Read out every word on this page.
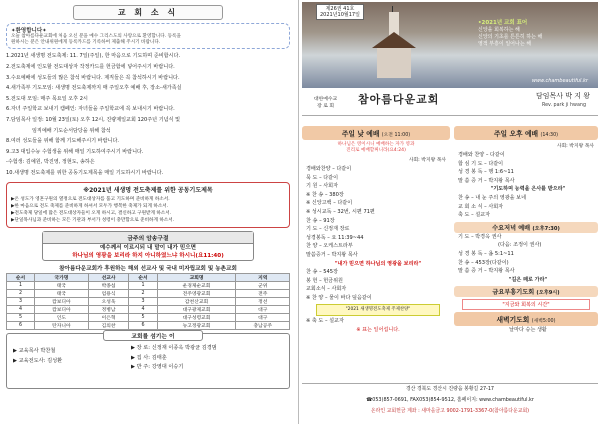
교 회 소 식
✦환영합니다✦

오늘 참아름다운교회에 처음 오신 분을 예수 그리스도의 사랑으로 환영합니다. 등록을

원하시는 분은 안내위원에게 등록카드를 기록하여 제출해 주시기 바랍니다.

1.2021년 새생명 전도축제: 11. 7일(주일), 한 마음으로 기도하며 준비합시다.
2.전도축제에 인도할 전도대상자 작정카드를 헌금함에 넣어주시기 바랍니다.
3.수요예배에 성도들의 많은 참석 바랍니다. 제직들은 꼭 참석하시기 바랍니다.
4.새가족부 기도모임: 새생명 전도축제까지 매 주일오후 예배 후, 장소-새가족실
5.전도대 모임: 매주 목요일 오후 2시
6.자녀 주일학교 보내기 캠페인: 자녀들을 주일학교에 꼭 보내시기 바랍니다.
7.담임목사 일정: 10월 23일(토) 오후 12시, 진량제일교회 120주년 기념식 및
임직예배 기도순서담당을 위해 참석
8.여러 성도들을 위해 함께 기도해주시기 바랍니다.
9.고3 대입수능 수험생을 위해 매일 기도하여주시기 바랍니다.
-수험생: 김예원, 박진영, 정현도, 송하은
10.새생명 전도축제를 위한 공동기도제목을 매일 기도하시기 바랍니다.
※2021년 새생명 전도축제를 위한 공동기도제목
▶온 성도가 영혼구원의 열정으로 전도대상자를 품고 기도하며 준비하게 하소서.
▶한 마음으로 전도 축제를 준비하게 하셔서 모두가 행복한 축제가 되게 하소서.
▶전도축제 당일에 많은 전도대상자들이 오게 하시고, 결신하고 구원받게 하소서.
▶단일목사님과 준비하는 모든 기관과 부서가 성령이 충만함으로 준비하게 하소서.
금주의 암송구절
예수께서 이르시되 내 말이 내가 믿으면
하나님의 영광을 보리라 하지 아니하였느냐 하시니(요11:40)
참아름다운교회가 후원하는 해외 선교사 및 국내 미자립교회 및 농촌교회
순서	국가명	선교사	순서	교회명	지역
1	태국	박종섭	1	운경제순교회	군위
2	태국	엄용식	2	전주영광교회	전주
3	캄보디아	오성욱	3	감천산교회	정선
4	캄보디아	정병남	4	대구광제교회	대구
5	인도	이은혁	5	대구성령교회	대구
6	탄자니아	김의찬	6	뉴고정광교회	충남공주
교회를 섬기는 이
▶ 교육목사 박찬철
▶ 교육전도사: 김성환
▶ 장 로: 신정재 이종옥 박광균 김경범
▶ 집 사: 김태훈
▶ 반 주: 강영대 이승기
제26권 41호
2021년10월17일
•2021년 교회 표어
신앙을 회복하는 해
신앙의 기초를 튼튼히 하는 해
영적 부흥이 일어나는 해
www.chambeautiful.kr
대한예수교
장 로 회
참아름다운교회	담임목사 박 지 왕
Rev. park ji hwang
주일 낮 예배 (오전 11:00)
하나님은 영이시니 예배하는 자가 영과
진리로 예배할찌니라(요4:24)
사회: 박지왕 목사
경배와찬양 – 다같이
묵 도 – 다같이
기 원 – 사회자
※ 찬 송 – 380장
※ 신앙고백 – 다같이
※ 성시교독 – 32번, 시편 71편
찬 송 – 91장
기 도 – 신정재 장로
성경봉독 – 요 11:39~44
찬 양 – 오케스트라부
말씀증거 – 박지왕 목사
"내가 믿으면 하나님의 영광을 보리라"
찬 송 – 545장
봉 헌 – 헌금위원
교회소식 – 사회자
※ 찬 양 – 물이 바다 덮음같이
"2021 새생명전도축제 주제찬양"
※ 축 도 – 설교자
※ 표는 일어섭니다.
주일 오후 예배 (14:30)
사회: 박지왕 목사
경배와 찬양 – 다같이
합 심 기 도 – 다같이
성 경 봉 독 – 행 1:6~11
말 씀 증 거 – 박지왕 목사
"기도하며 능력을 은사를 받으라"
찬 송 – 내 눈 주의 영광을 보네
교 회 소 식 – 사회자
축 도 – 설교자
수요저녁 예배 (오후7:30)
기 도 – 박경옥 권사
(다음: 조정이 권사)
성 경 봉 독 – 욥 5:1~11
찬 송 – 453장(다같이)
말 씀 증 거 – 박지왕 목사
"길은 떼로 가라"
금요부흥기도회 (오후9시)
"지금와 회복의 시간"
새벽기도회 (새벽5:00)
날마다 승는 생활
경산 경북도 경산시 진량읍 봉황길 27-17
☎053)857-0691, FAX053)854-9512, 홈페이지: www.chambeautiful.kr
온라인 교회헌금 계좌 : 새마을금고 9002-1791-3367-0(참아름다운교회)
